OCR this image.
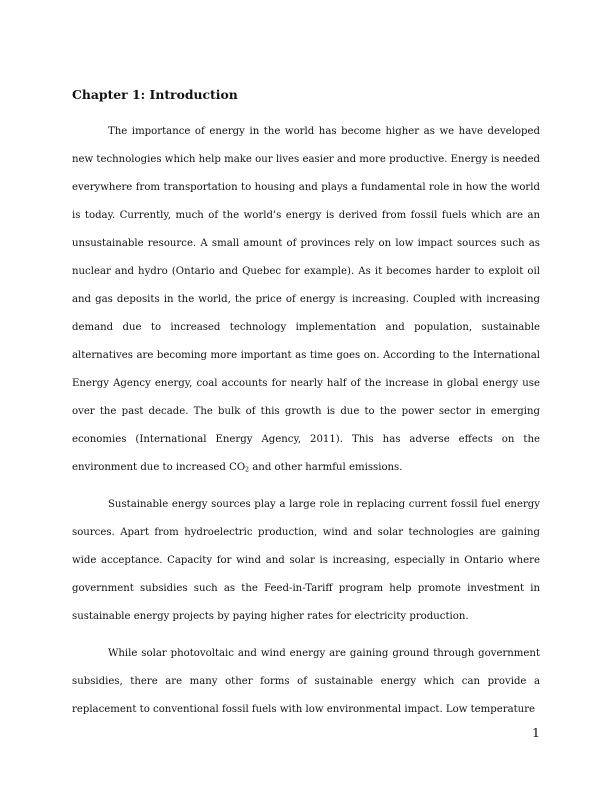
Chapter 1: Introduction

The importance of energy in the world has become higher as we have developed new technologies which help make our lives easier and more productive. Energy is needed everywhere from transportation to housing and plays a fundamental role in how the world is today. Currently, much of the world’s energy is derived from fossil fuels which are an unsustainable resource. A small amount of provinces rely on low impact sources such as nuclear and hydro (Ontario and Quebec for example). As it becomes harder to exploit oil and gas deposits in the world, the price of energy is increasing. Coupled with increasing demand due to increased technology implementation and population, sustainable alternatives are becoming more important as time goes on. According to the International Energy Agency energy, coal accounts for nearly half of the increase in global energy use over the past decade. The bulk of this growth is due to the power sector in emerging economies (International Energy Agency, 2011). This has adverse effects on the environment due to increased $CO_2$ and other harmful emissions.

Sustainable energy sources play a large role in replacing current fossil fuel energy sources. Apart from hydroelectric production, wind and solar technologies are gaining wide acceptance. Capacity for wind and solar is increasing, especially in Ontario where government subsidies such as the Feed-in-Tariff program help promote investment in sustainable energy projects by paying higher rates for electricity production.

While solar photovoltaic and wind energy are gaining ground through government subsidies, there are many other forms of sustainable energy which can provide a replacement to conventional fossil fuels with low environmental impact. Low temperature

1
